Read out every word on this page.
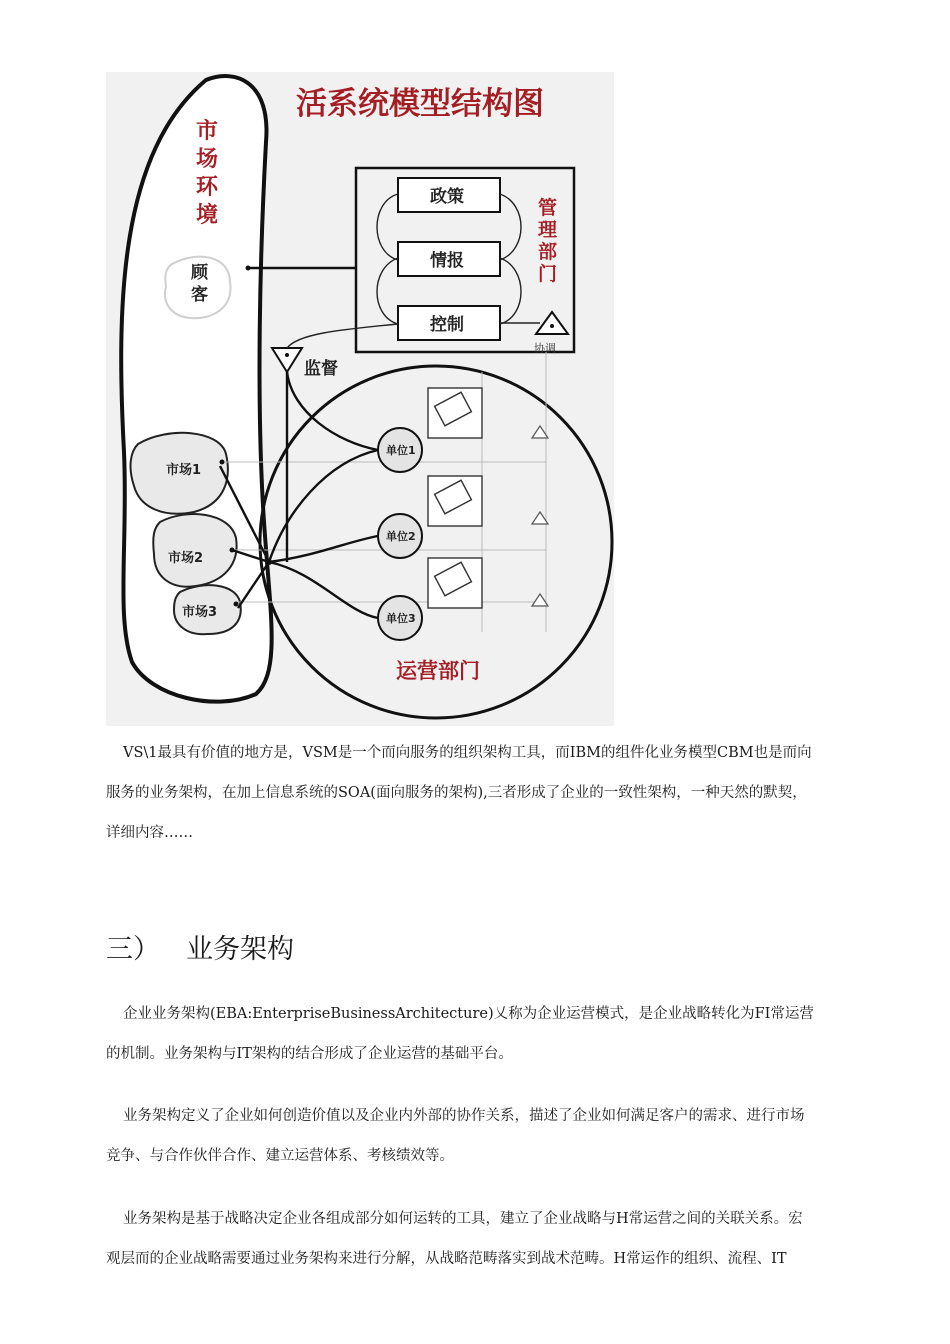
活系统模型结构图
市
场
环
境
顾
客
管
理
部
门
政策
情报
控制
协调
监督
单位1
单位2
单位3
市场1
市场2
市场3
运营部门

VS\1最具有价值的地方是，VSM是一个而向服务的组织架构工具，而IBM的组件化业务模型CBM也是而向服务的业务架构，在加上信息系统的SOA(面向服务的架构),三者形成了企业的一致性架构，一种天然的默契，详细内容……

三） 业务架构

企业业务架构(EBA:EnterpriseBusinessArchitecture)乂称为企业运营模式，是企业战略转化为FI常运营的机制。业务架构与IT架构的结合形成了企业运营的基础平台。

业务架构定义了企业如何创造价值以及企业内外部的协作关系，描述了企业如何满足客户的需求、进行市场竞争、与合作伙伴合作、建立运营体系、考核绩效等。

业务架构是基于战略决定企业各组成部分如何运转的工具，建立了企业战略与H常运营之间的关联关系。宏观层而的企业战略需要通过业务架构来进行分解，从战略范畴落实到战术范畴。H常运作的组织、流程、IT
